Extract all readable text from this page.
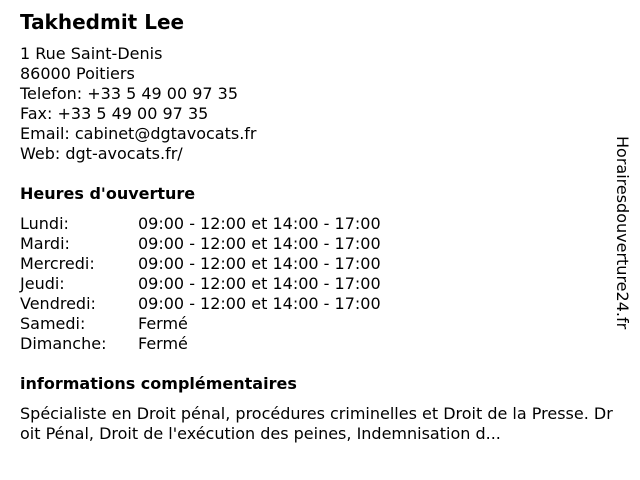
Takhedmit Lee
1 Rue Saint-Denis
86000 Poitiers
Telefon: +33 5 49 00 97 35
Fax: +33 5 49 00 97 35
Email: cabinet@dgtavocats.fr
Web: dgt-avocats.fr/
Heures d'ouverture
Lundi:	09:00 - 12:00 et 14:00 - 17:00
Mardi:	09:00 - 12:00 et 14:00 - 17:00
Mercredi:	09:00 - 12:00 et 14:00 - 17:00
Jeudi:	09:00 - 12:00 et 14:00 - 17:00
Vendredi:	09:00 - 12:00 et 14:00 - 17:00
Samedi:	Fermé
Dimanche:	Fermé
informations complémentaires

Spécialiste en Droit pénal, procédures criminelles et Droit de la Presse. Droit Pénal, Droit de l'exécution des peines, Indemnisation d...

Horairesdouverture24.fr
